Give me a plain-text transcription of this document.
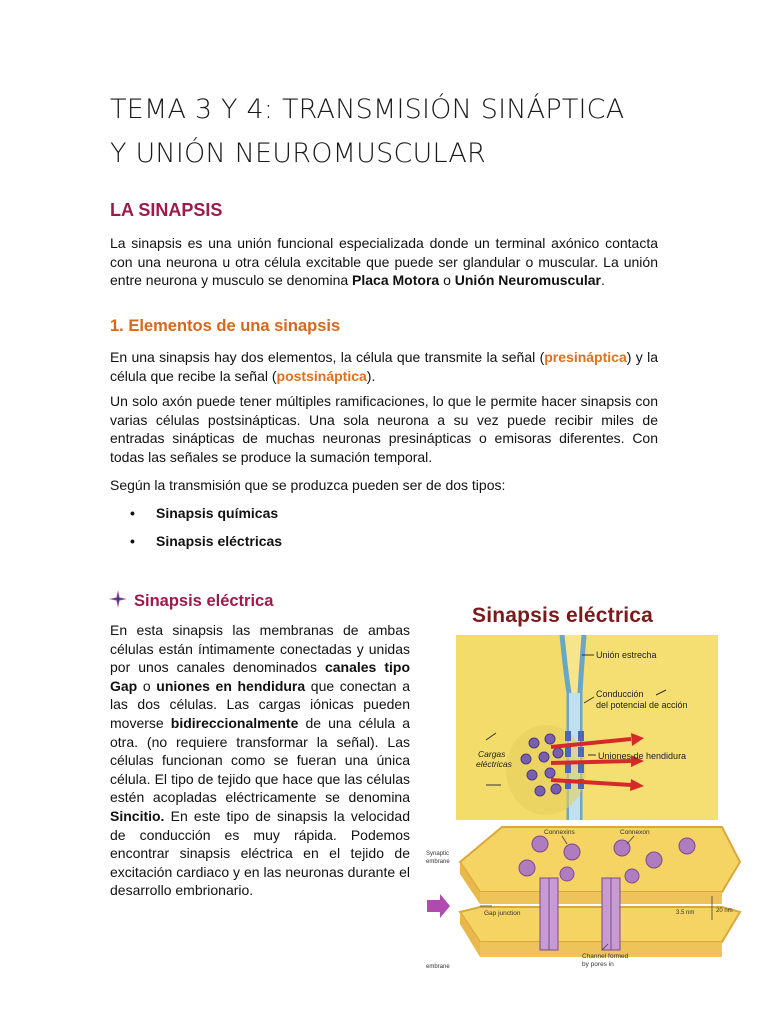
TEMA 3 Y 4: TRANSMISIÓN SINÁPTICA
Y UNIÓN NEUROMUSCULAR
LA SINAPSIS
La sinapsis es una unión funcional especializada donde un terminal axónico contacta con una neurona u otra célula excitable que puede ser glandular o muscular. La unión entre neurona y musculo se denomina Placa Motora o Unión Neuromuscular.
1. Elementos de una sinapsis
En una sinapsis hay dos elementos, la célula que transmite la señal (presináptica) y la célula que recibe la señal (postsináptica).
Un solo axón puede tener múltiples ramificaciones, lo que le permite hacer sinapsis con varias células postsinápticas. Una sola neurona a su vez puede recibir miles de entradas sinápticas de muchas neuronas presinápticas o emisoras diferentes. Con todas las señales se produce la sumación temporal.
Según la transmisión que se produzca pueden ser de dos tipos:
• Sinapsis químicas
• Sinapsis eléctricas
Sinapsis eléctrica
En esta sinapsis las membranas de ambas células están íntimamente conectadas y unidas por unos canales denominados canales tipo Gap o uniones en hendidura que conectan a las dos células. Las cargas iónicas pueden moverse bidireccionalmente de una célula a otra. (no requiere transformar la señal). Las células funcionan como se fueran una única célula. El tipo de tejido que hace que las células estén acopladas eléctricamente se denomina Sincitio. En este tipo de sinapsis la velocidad de conducción es muy rápida. Podemos encontrar sinapsis eléctrica en el tejido de excitación cardiaco y en las neuronas durante el desarrollo embrionario.
Sinapsis eléctrica
Unión estrecha
Conducción
del potencial de acción
Cargas
eléctricas
Uniones de hendidura
Connexins	Connexon
Synaptic
embrane
Gap junction	3.5 nm	20 nm
Channel formed
by pores in
embrane
